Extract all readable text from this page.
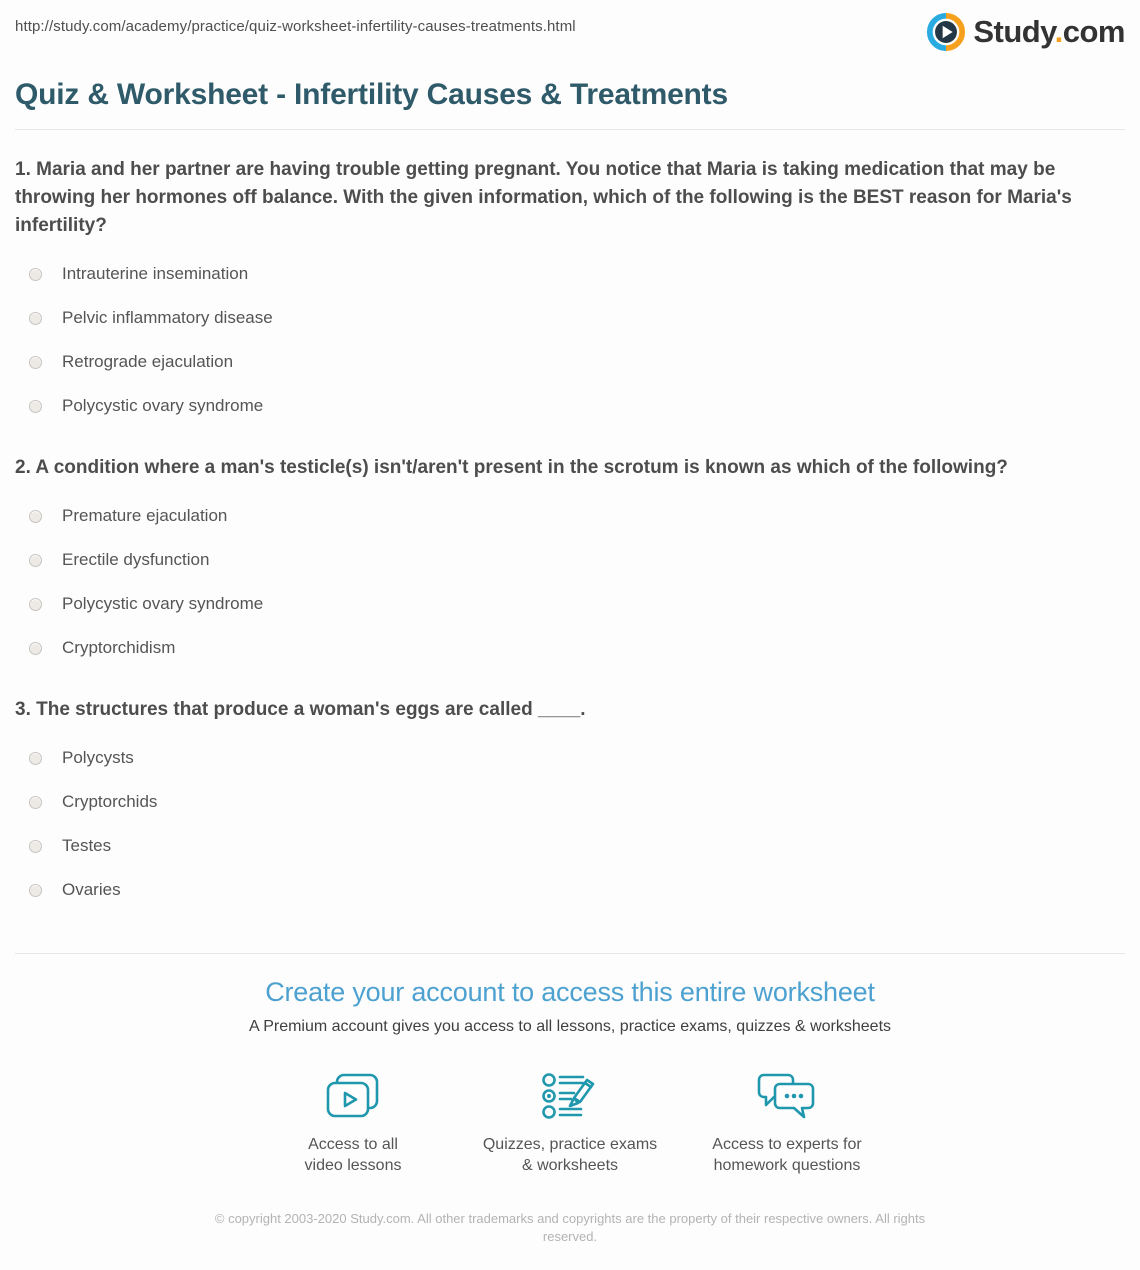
http://study.com/academy/practice/quiz-worksheet-infertility-causes-treatments.html	Study.com
Quiz & Worksheet - Infertility Causes & Treatments

1. Maria and her partner are having trouble getting pregnant. You notice that Maria is taking medication that may be throwing her hormones off balance. With the given information, which of the following is the BEST reason for Maria's infertility?

Intrauterine insemination
Pelvic inflammatory disease
Retrograde ejaculation
Polycystic ovary syndrome

2. A condition where a man's testicle(s) isn't/aren't present in the scrotum is known as which of the following?

Premature ejaculation
Erectile dysfunction
Polycystic ovary syndrome
Cryptorchidism

3. The structures that produce a woman's eggs are called ____.

Polycysts
Cryptorchids
Testes
Ovaries
Create your account to access this entire worksheet

A Premium account gives you access to all lessons, practice exams, quizzes & worksheets

Access to all
video lessons
Quizzes, practice exams
& worksheets
Access to experts for
homework questions
© copyright 2003-2020 Study.com. All other trademarks and copyrights are the property of their respective owners. All rights reserved.
